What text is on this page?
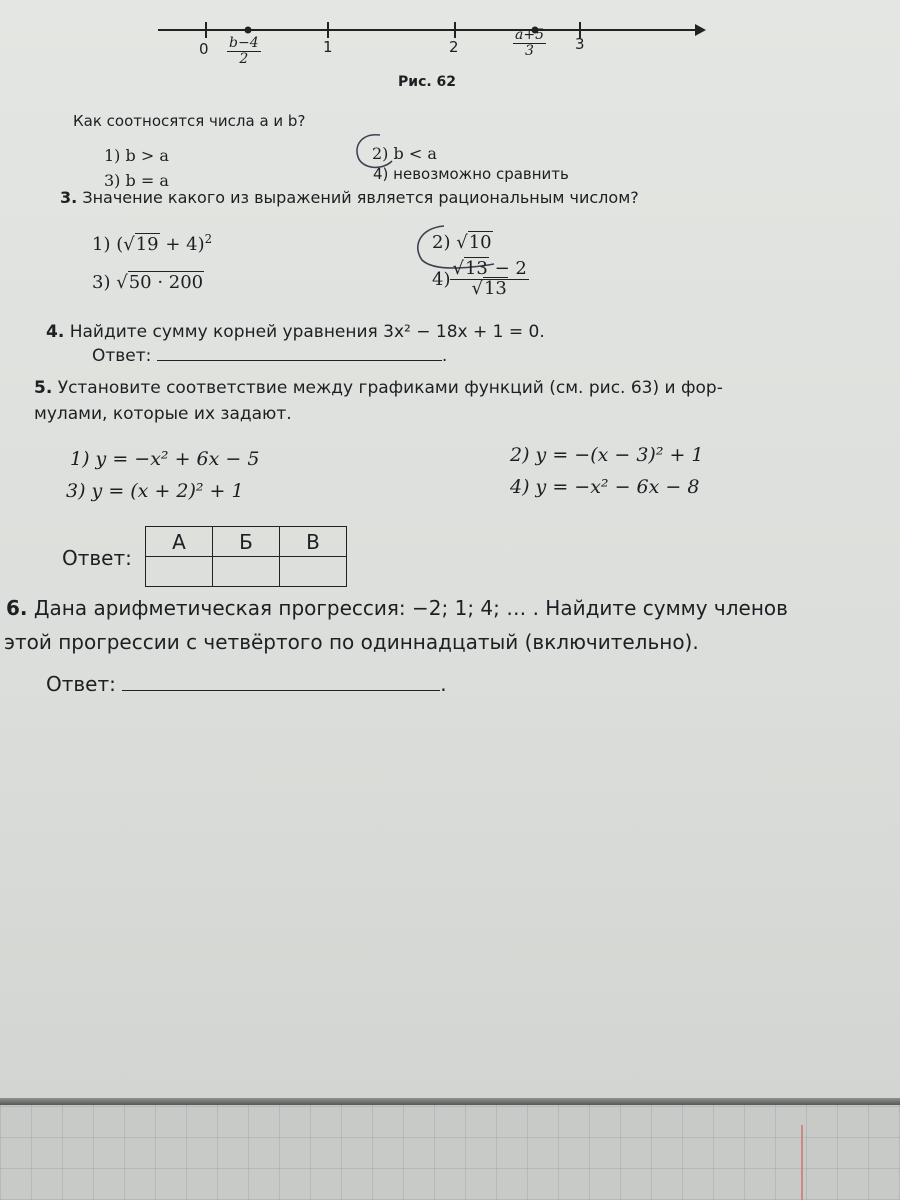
0	1	2	3
$\frac{b-4}{2}$	$\frac{a+5}{3}$
Рис. 62
Как соотносятся числа a и b?
1) b > a	2) b < a
3) b = a	4) невозможно сравнить
3. Значение какого из выражений является рациональным числом?
1) $(√19 + 4)^2$	2) √10
3) √50 · 200	$4) \frac{√13 - 2}{√13}$
4. Найдите сумму корней уравнения 3x² − 18x + 1 = 0.
Ответ:	.
5. Установите соответствие между графиками функций (см. рис. 63) и фор-
мулами, которые их задают.
1) y = −x² + 6x − 5	2) y = −(x − 3)² + 1
3) y = (x + 2)² + 1	4) y = −x² − 6x − 8
Ответ:
А	Б	В

6. Дана арифметическая прогрессия: −2; 1; 4; … . Найдите сумму членов
этой прогрессии с четвёртого по одиннадцатый (включительно).
Ответ:	.
